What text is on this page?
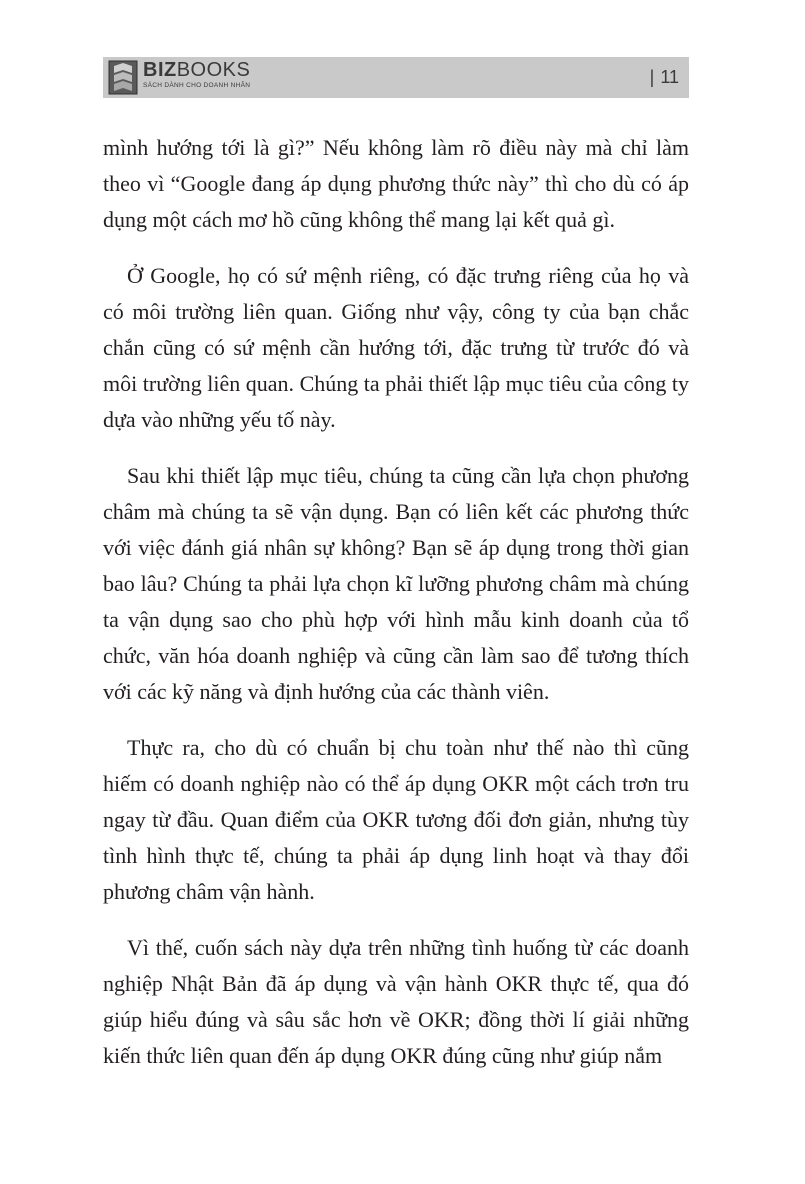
BIZBOOKS
SÁCH DÀNH CHO DOANH NHÂN	| 11

mình hướng tới là gì?” Nếu không làm rõ điều này mà chỉ làm theo vì “Google đang áp dụng phương thức này” thì cho dù có áp dụng một cách mơ hồ cũng không thể mang lại kết quả gì.

Ở Google, họ có sứ mệnh riêng, có đặc trưng riêng của họ và có môi trường liên quan. Giống như vậy, công ty của bạn chắc chắn cũng có sứ mệnh cần hướng tới, đặc trưng từ trước đó và môi trường liên quan. Chúng ta phải thiết lập mục tiêu của công ty dựa vào những yếu tố này.

Sau khi thiết lập mục tiêu, chúng ta cũng cần lựa chọn phương châm mà chúng ta sẽ vận dụng. Bạn có liên kết các phương thức với việc đánh giá nhân sự không? Bạn sẽ áp dụng trong thời gian bao lâu? Chúng ta phải lựa chọn kĩ lưỡng phương châm mà chúng ta vận dụng sao cho phù hợp với hình mẫu kinh doanh của tổ chức, văn hóa doanh nghiệp và cũng cần làm sao để tương thích với các kỹ năng và định hướng của các thành viên.

Thực ra, cho dù có chuẩn bị chu toàn như thế nào thì cũng hiếm có doanh nghiệp nào có thể áp dụng OKR một cách trơn tru ngay từ đầu. Quan điểm của OKR tương đối đơn giản, nhưng tùy tình hình thực tế, chúng ta phải áp dụng linh hoạt và thay đổi phương châm vận hành.

Vì thế, cuốn sách này dựa trên những tình huống từ các doanh nghiệp Nhật Bản đã áp dụng và vận hành OKR thực tế, qua đó giúp hiểu đúng và sâu sắc hơn về OKR; đồng thời lí giải những kiến thức liên quan đến áp dụng OKR đúng cũng như giúp nắm
